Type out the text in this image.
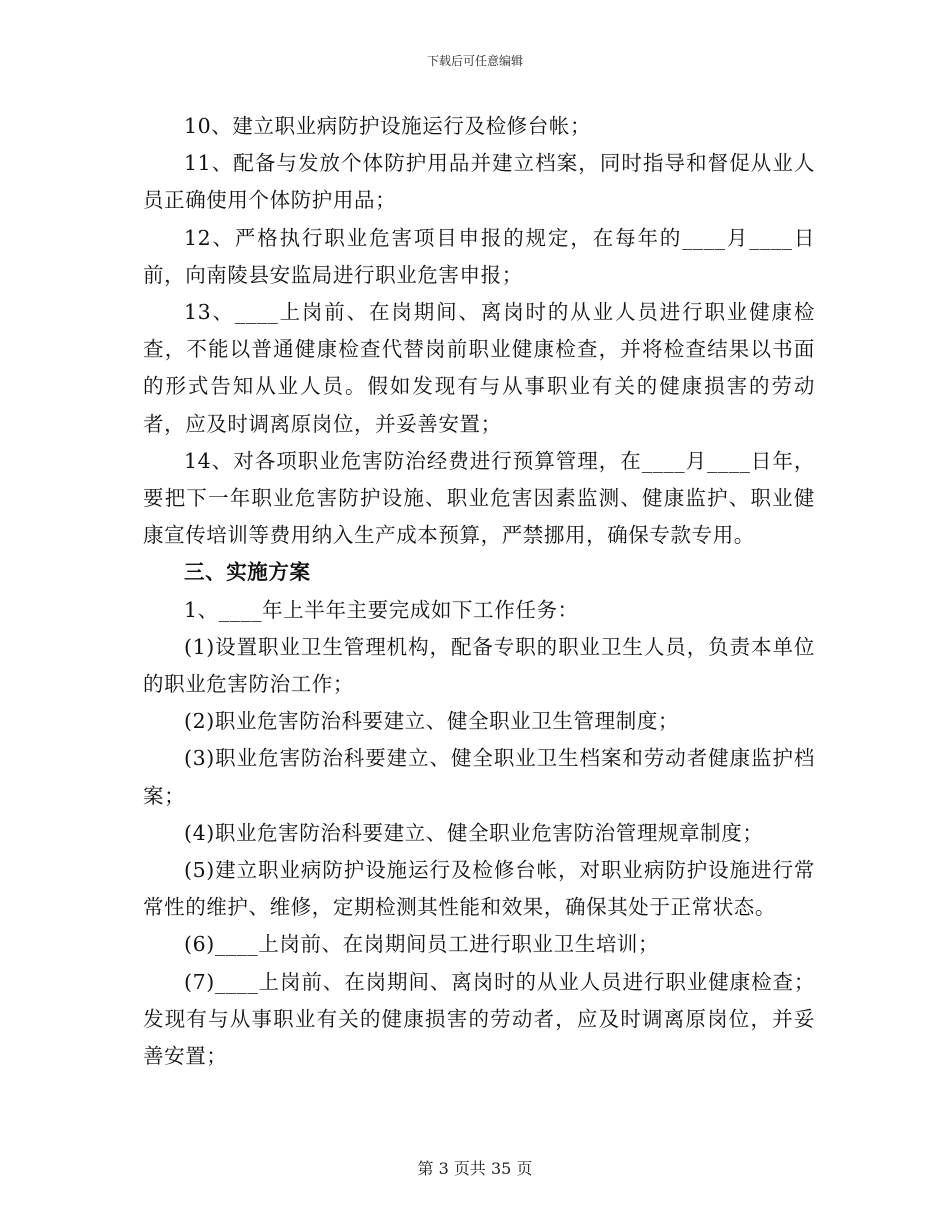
下载后可任意编辑

10、建立职业病防护设施运行及检修台帐；

11、配备与发放个体防护用品并建立档案，同时指导和督促从业人员正确使用个体防护用品；

12、严格执行职业危害项目申报的规定，在每年的____月____日前，向南陵县安监局进行职业危害申报；

13、____上岗前、在岗期间、离岗时的从业人员进行职业健康检查，不能以普通健康检查代替岗前职业健康检查，并将检查结果以书面的形式告知从业人员。假如发现有与从事职业有关的健康损害的劳动者，应及时调离原岗位，并妥善安置；

14、对各项职业危害防治经费进行预算管理，在____月____日年，要把下一年职业危害防护设施、职业危害因素监测、健康监护、职业健康宣传培训等费用纳入生产成本预算，严禁挪用，确保专款专用。

三、实施方案

1、____年上半年主要完成如下工作任务：

(1)设置职业卫生管理机构，配备专职的职业卫生人员，负责本单位的职业危害防治工作；

(2)职业危害防治科要建立、健全职业卫生管理制度；

(3)职业危害防治科要建立、健全职业卫生档案和劳动者健康监护档案；

(4)职业危害防治科要建立、健全职业危害防治管理规章制度；

(5)建立职业病防护设施运行及检修台帐，对职业病防护设施进行常常性的维护、维修，定期检测其性能和效果，确保其处于正常状态。

(6)____上岗前、在岗期间员工进行职业卫生培训；

(7)____上岗前、在岗期间、离岗时的从业人员进行职业健康检查；发现有与从事职业有关的健康损害的劳动者，应及时调离原岗位，并妥善安置；

第 3 页共 35 页
